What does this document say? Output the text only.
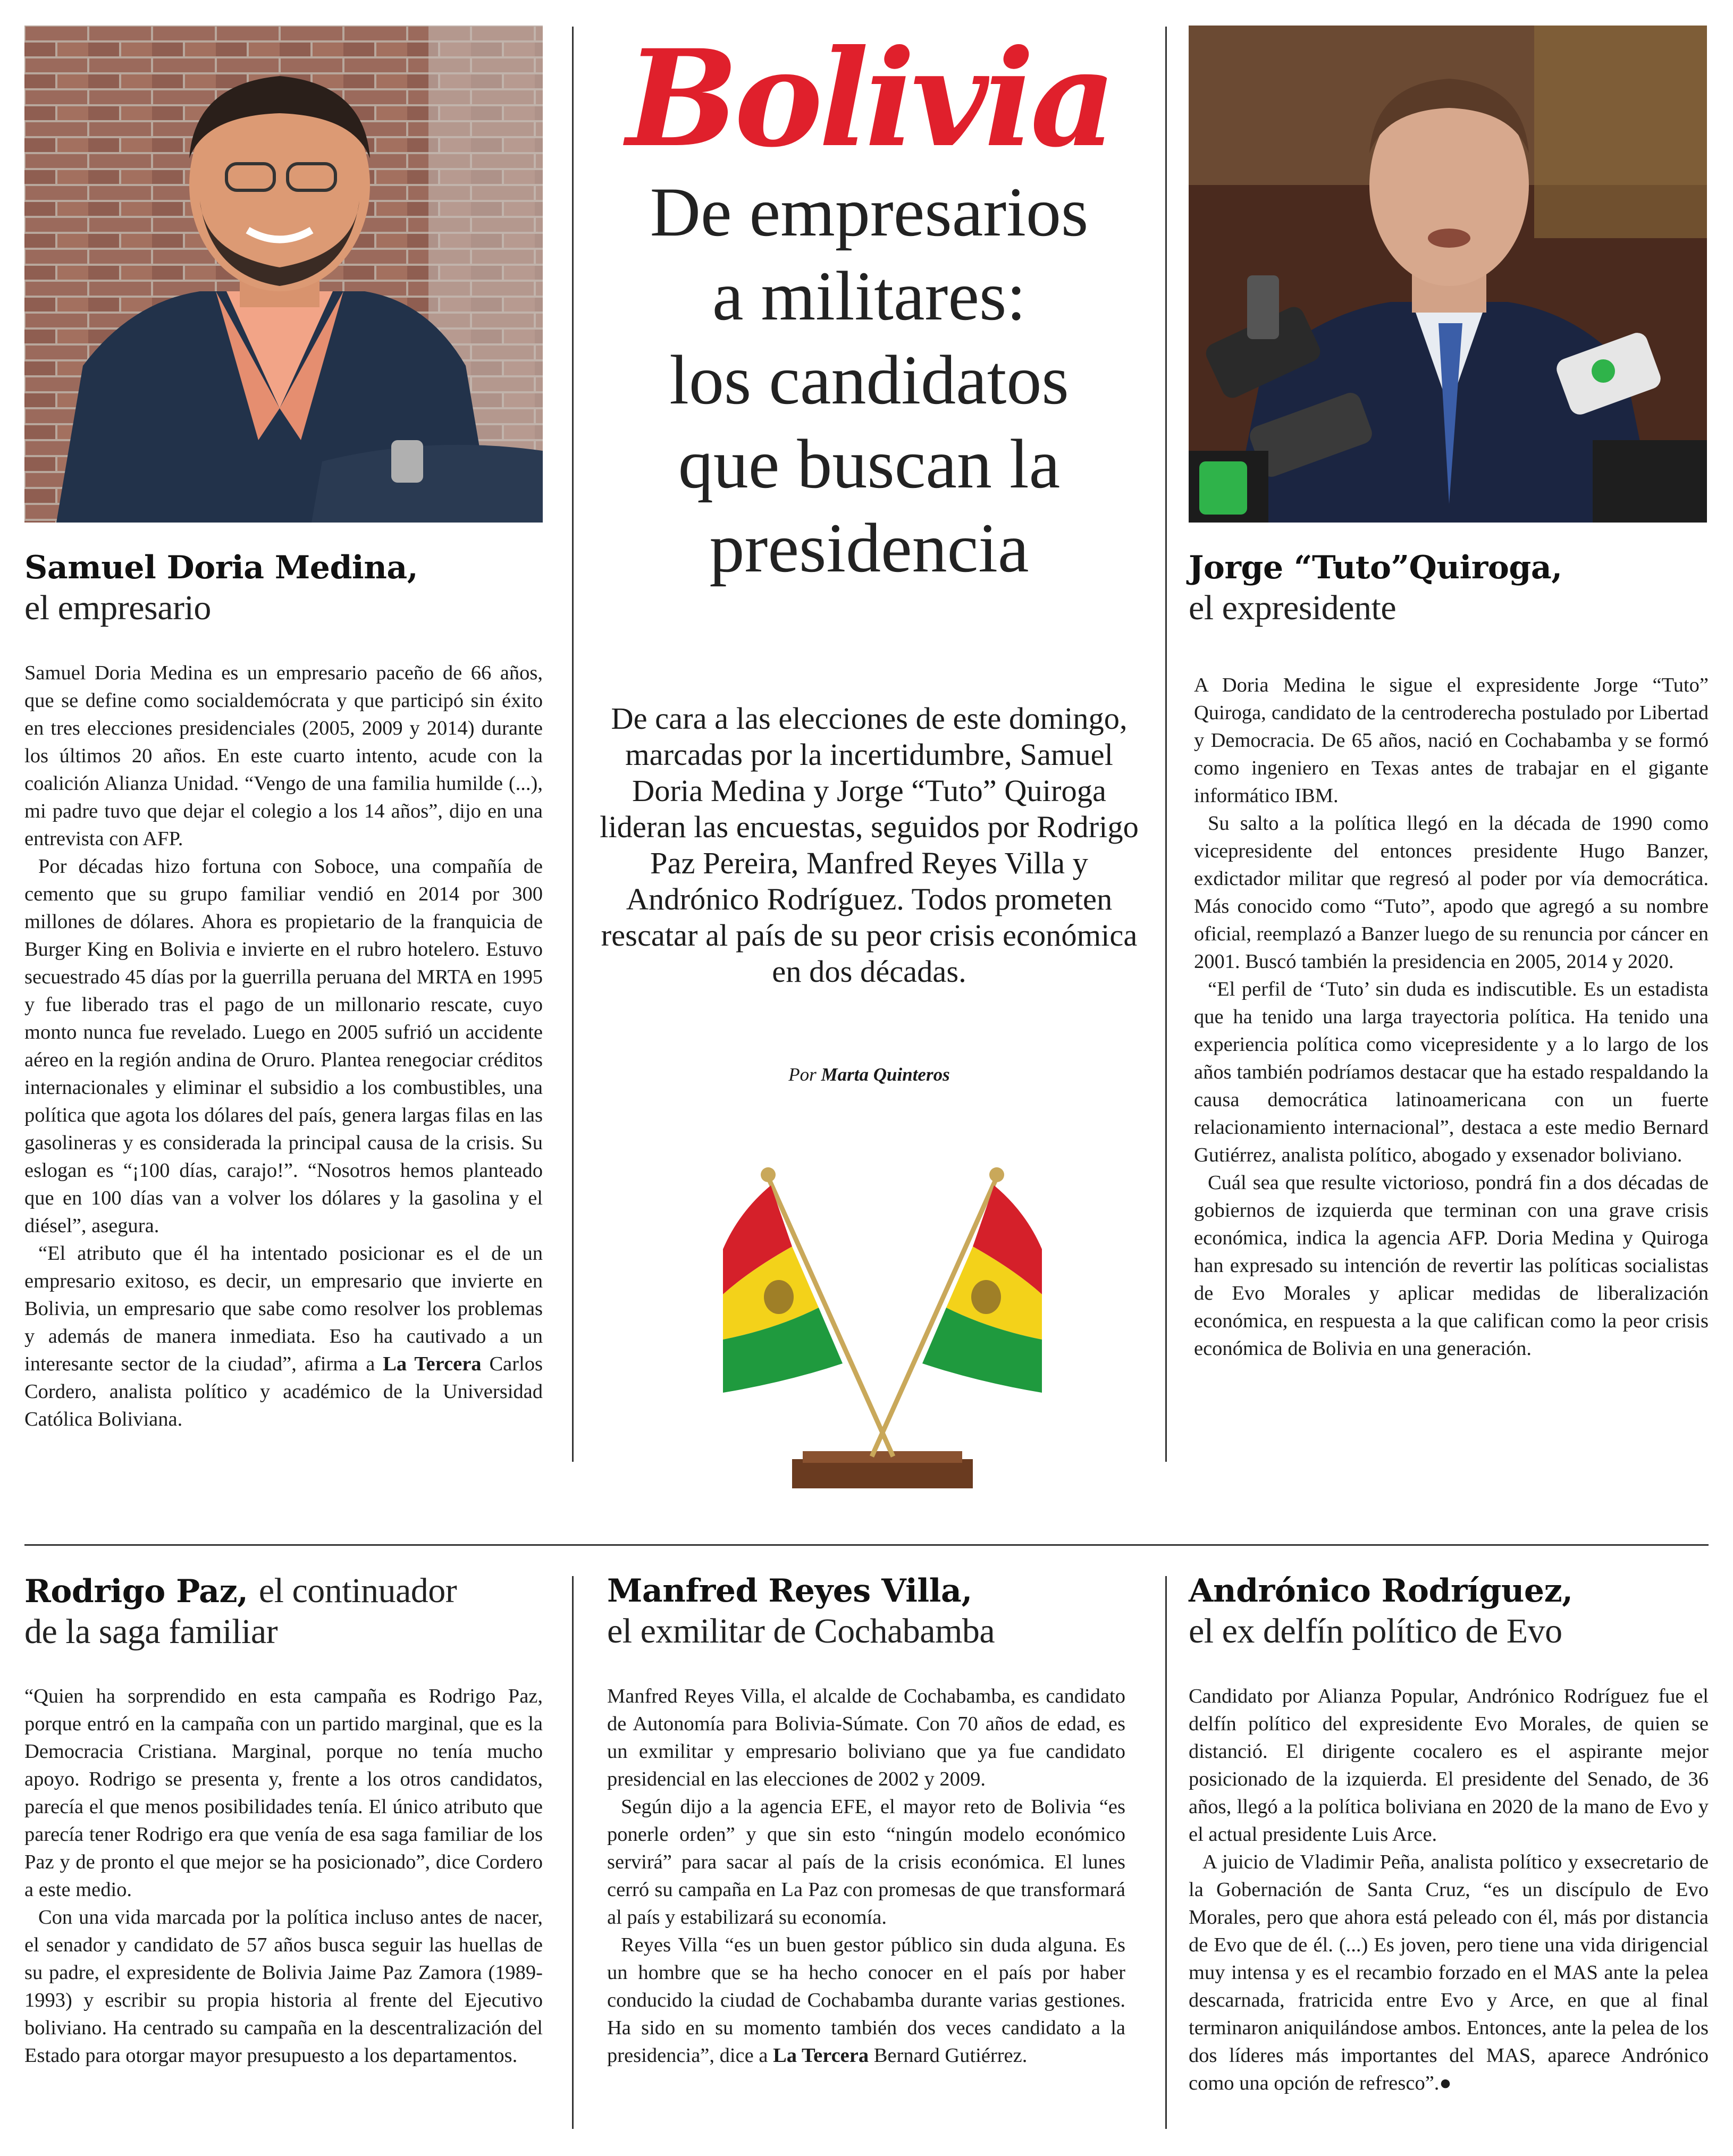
Bolivia
De empresarios
a militares:
los candidatos
que buscan la
presidencia
De cara a las elecciones de este domingo, marcadas por la incertidumbre, Samuel Doria Medina y Jorge “Tuto” Quiroga lideran las encuestas, seguidos por Rodrigo Paz Pereira, Manfred Reyes Villa y Andrónico Rodríguez. Todos prometen rescatar al país de su peor crisis económica en dos décadas.
Por Marta Quinteros
Samuel Doria Medina,
el empresario

Samuel Doria Medina es un empresario paceño de 66 años, que se define como socialdemócrata y que participó sin éxito en tres elecciones presidenciales (2005, 2009 y 2014) durante los últimos 20 años. En este cuarto intento, acude con la coalición Alianza Unidad. “Vengo de una familia humilde (...), mi padre tuvo que dejar el colegio a los 14 años”, dijo en una entrevista con AFP.

Por décadas hizo fortuna con Soboce, una compañía de cemento que su grupo familiar vendió en 2014 por 300 millones de dólares. Ahora es propietario de la franquicia de Burger King en Bolivia e invierte en el rubro hotelero. Estuvo secuestrado 45 días por la guerrilla peruana del MRTA en 1995 y fue liberado tras el pago de un millonario rescate, cuyo monto nunca fue revelado. Luego en 2005 sufrió un accidente aéreo en la región andina de Oruro. Plantea renegociar créditos internacionales y eliminar el subsidio a los combustibles, una política que agota los dólares del país, genera largas filas en las gasolineras y es considerada la principal causa de la crisis. Su eslogan es “¡100 días, carajo!”. “Nosotros hemos planteado que en 100 días van a volver los dólares y la gasolina y el diésel”, asegura.

“El atributo que él ha intentado posicionar es el de un empresario exitoso, es decir, un empresario que invierte en Bolivia, un empresario que sabe como resolver los problemas y además de manera inmediata. Eso ha cautivado a un interesante sector de la ciudad”, afirma a La Tercera Carlos Cordero, analista político y académico de la Universidad Católica Boliviana.

Jorge “Tuto”Quiroga,
el expresidente

A Doria Medina le sigue el expresidente Jorge “Tuto” Quiroga, candidato de la centroderecha postulado por Libertad y Democracia. De 65 años, nació en Cochabamba y se formó como ingeniero en Texas antes de trabajar en el gigante informático IBM.

Su salto a la política llegó en la década de 1990 como vicepresidente del entonces presidente Hugo Banzer, exdictador militar que regresó al poder por vía democrática. Más conocido como “Tuto”, apodo que agregó a su nombre oficial, reemplazó a Banzer luego de su renuncia por cáncer en 2001. Buscó también la presidencia en 2005, 2014 y 2020.

“El perfil de ‘Tuto’ sin duda es indiscutible. Es un estadista que ha tenido una larga trayectoria política. Ha tenido una experiencia política como vicepresidente y a lo largo de los años también podríamos destacar que ha estado respaldando la causa democrática latinoamericana con un fuerte relacionamiento internacional”, destaca a este medio Bernard Gutiérrez, analista político, abogado y exsenador boliviano.

Cuál sea que resulte victorioso, pondrá fin a dos décadas de gobiernos de izquierda que terminan con una grave crisis económica, indica la agencia AFP. Doria Medina y Quiroga han expresado su intención de revertir las políticas socialistas de Evo Morales y aplicar medidas de liberalización económica, en respuesta a la que califican como la peor crisis económica de Bolivia en una generación.

Rodrigo Paz, el continuador
de la saga familiar

“Quien ha sorprendido en esta campaña es Rodrigo Paz, porque entró en la campaña con un partido marginal, que es la Democracia Cristiana. Marginal, porque no tenía mucho apoyo. Rodrigo se presenta y, frente a los otros candidatos, parecía el que menos posibilidades tenía. El único atributo que parecía tener Rodrigo era que venía de esa saga familiar de los Paz y de pronto el que mejor se ha posicionado”, dice Cordero a este medio.

Con una vida marcada por la política incluso antes de nacer, el senador y candidato de 57 años busca seguir las huellas de su padre, el expresidente de Bolivia Jaime Paz Zamora (1989-1993) y escribir su propia historia al frente del Ejecutivo boliviano. Ha centrado su campaña en la descentralización del Estado para otorgar mayor presupuesto a los departamentos.

Manfred Reyes Villa,
el exmilitar de Cochabamba

Manfred Reyes Villa, el alcalde de Cochabamba, es candidato de Autonomía para Bolivia-Súmate. Con 70 años de edad, es un exmilitar y empresario boliviano que ya fue candidato presidencial en las elecciones de 2002 y 2009.

Según dijo a la agencia EFE, el mayor reto de Bolivia “es ponerle orden” y que sin esto “ningún modelo económico servirá” para sacar al país de la crisis económica. El lunes cerró su campaña en La Paz con promesas de que transformará al país y estabilizará su economía.

Reyes Villa “es un buen gestor público sin duda alguna. Es un hombre que se ha hecho conocer en el país por haber conducido la ciudad de Cochabamba durante varias gestiones. Ha sido en su momento también dos veces candidato a la presidencia”, dice a La Tercera Bernard Gutiérrez.

Andrónico Rodríguez,
el ex delfín político de Evo

Candidato por Alianza Popular, Andrónico Rodríguez fue el delfín político del expresidente Evo Morales, de quien se distanció. El dirigente cocalero es el aspirante mejor posicionado de la izquierda. El presidente del Senado, de 36 años, llegó a la política boliviana en 2020 de la mano de Evo y el actual presidente Luis Arce.

A juicio de Vladimir Peña, analista político y exsecretario de la Gobernación de Santa Cruz, “es un discípulo de Evo Morales, pero que ahora está peleado con él, más por distancia de Evo que de él. (...) Es joven, pero tiene una vida dirigencial muy intensa y es el recambio forzado en el MAS ante la pelea descarnada, fratricida entre Evo y Arce, en que al final terminaron aniquilándose ambos. Entonces, ante la pelea de los dos líderes más importantes del MAS, aparece Andrónico como una opción de refresco”.●
